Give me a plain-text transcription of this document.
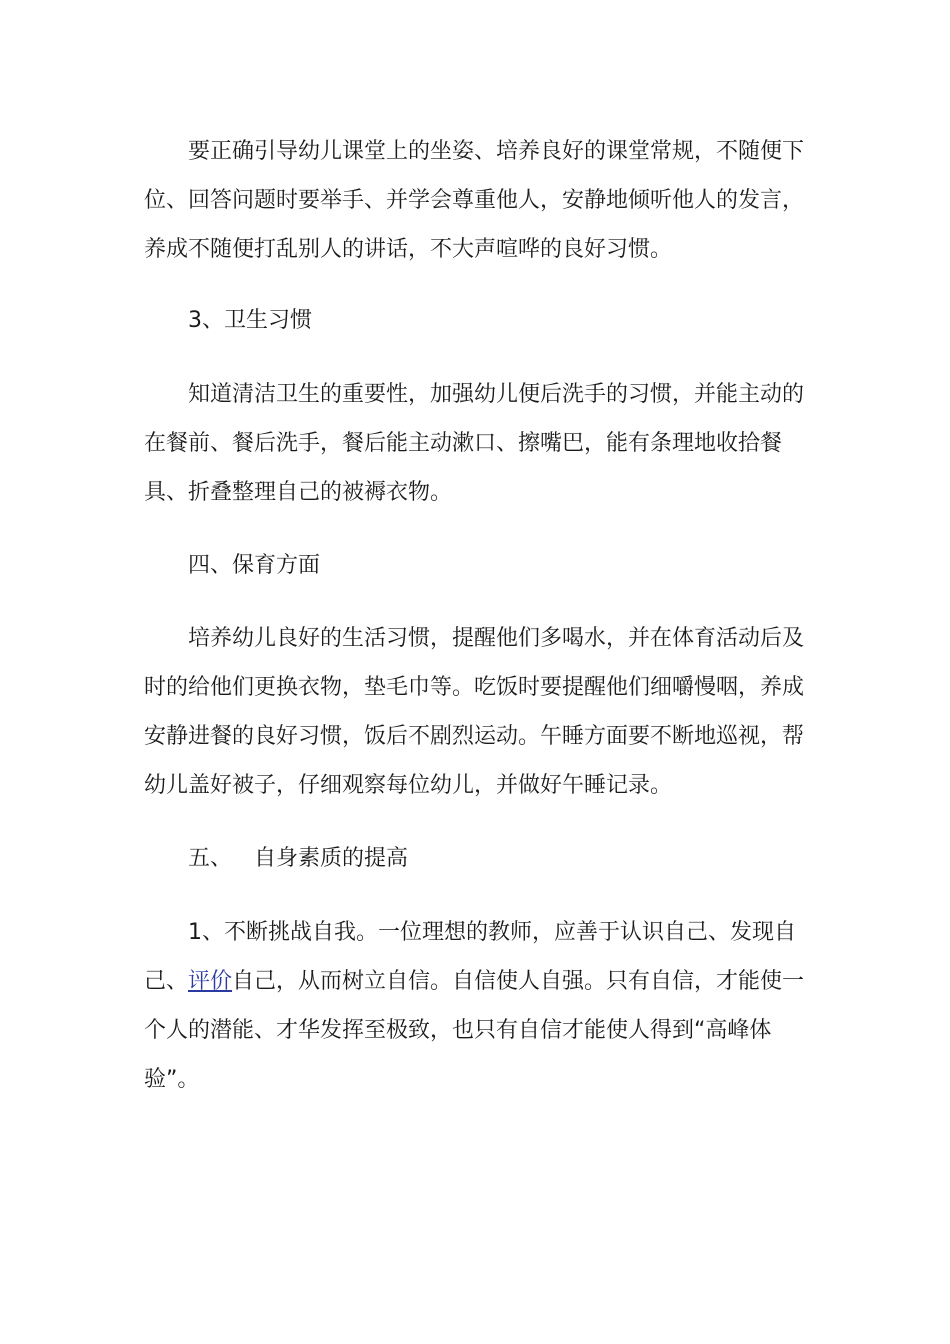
要正确引导幼儿课堂上的坐姿、培养良好的课堂常规，不随便下位、回答问题时要举手、并学会尊重他人，安静地倾听他人的发言，养成不随便打乱别人的讲话，不大声喧哗的良好习惯。

3、卫生习惯

知道清洁卫生的重要性，加强幼儿便后洗手的习惯，并能主动的在餐前、餐后洗手，餐后能主动漱口、擦嘴巴，能有条理地收拾餐具、折叠整理自己的被褥衣物。

四、保育方面

培养幼儿良好的生活习惯，提醒他们多喝水，并在体育活动后及时的给他们更换衣物，垫毛巾等。吃饭时要提醒他们细嚼慢咽，养成安静进餐的良好习惯，饭后不剧烈运动。午睡方面要不断地巡视，帮幼儿盖好被子，仔细观察每位幼儿，并做好午睡记录。

五、 自身素质的提高

1、不断挑战自我。一位理想的教师，应善于认识自己、发现自己、评价自己，从而树立自信。自信使人自强。只有自信，才能使一个人的潜能、才华发挥至极致，也只有自信才能使人得到“高峰体验”。
